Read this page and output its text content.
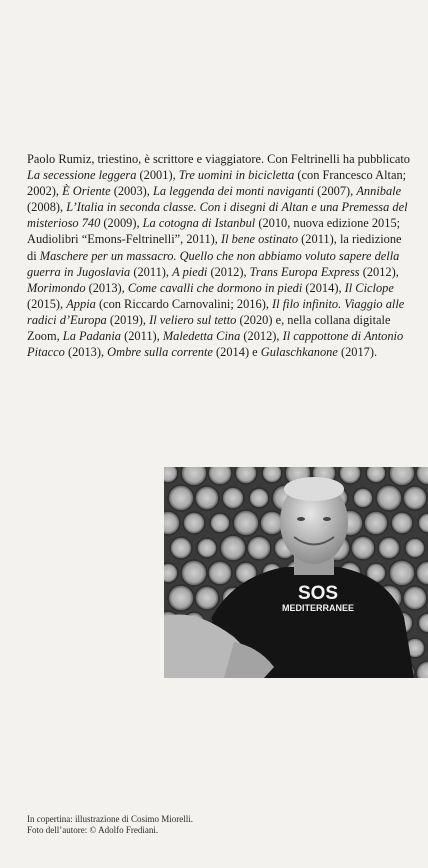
Paolo Rumiz, triestino, è scrittore e viaggiatore. Con Feltrinelli ha pubblicato La secessione leggera (2001), Tre uomini in bicicletta (con Francesco Altan; 2002), È Oriente (2003), La leggenda dei monti naviganti (2007), Annibale (2008), L’Italia in seconda classe. Con i disegni di Altan e una Premessa del misterioso 740 (2009), La cotogna di Istanbul (2010, nuova edizione 2015; Audiolibri “Emons-Feltrinelli”, 2011), Il bene ostinato (2011), la riedizione di Maschere per un massacro. Quello che non abbiamo voluto sapere della guerra in Jugoslavia (2011), A piedi (2012), Trans Europa Express (2012), Morimondo (2013), Come cavalli che dormono in piedi (2014), Il Ciclope (2015), Appia (con Riccardo Carnovalini; 2016), Il filo infinito. Viaggio alle radici d’Europa (2019), Il veliero sul tetto (2020) e, nella collana digitale Zoom, La Padania (2011), Maledetta Cina (2012), Il cappottone di Antonio Pitacco (2013), Ombre sulla corrente (2014) e Gulaschkanone (2017).

SOS
MEDITERRANEE
In copertina: illustrazione di Cosimo Miorelli.
Foto dell’autore: © Adolfo Frediani.
